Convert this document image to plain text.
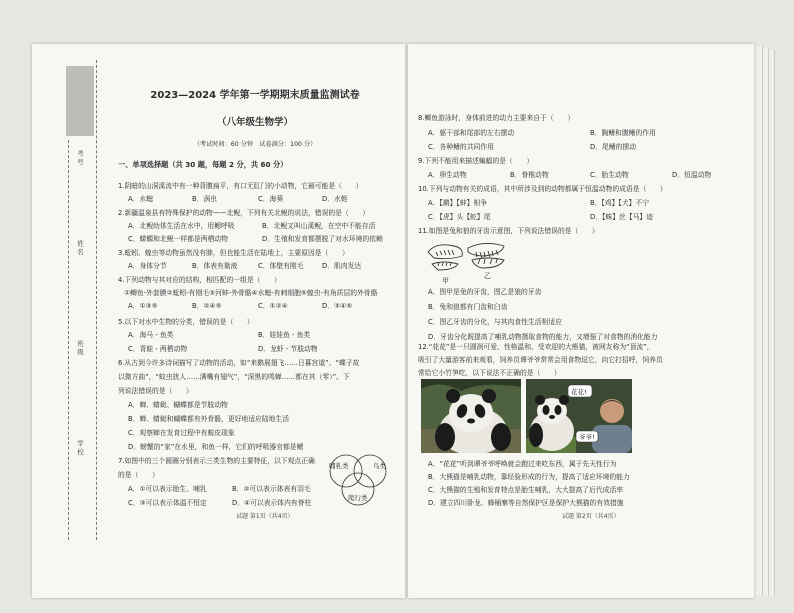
考号
姓名
班级
学校
2023—2024 学年第一学期期末质量监测试卷
（八年级生物学）
（考试时间：60 分钟　试卷满分：100 分）
一、单项选择题（共 30 题，每题 2 分，共 60 分）
1.阴暗的山洞溪流中有一种背腹扁平，有口无肛门的小动物，它最可能是（　　）
A．水螅	B．涡虫	C．海葵	D．水蛭
2.新疆温泉县有特殊保护的动物——北鲵，下列有关北鲵的说法，错误的是（　　）
A．北鲵幼体生活在水中，用鳃呼吸	B．北鲵又叫山溪鲵，在空中不能存活
C．蝾螈和北鲵一样都是两栖动物	D．生殖和发育都摆脱了对水环境的依赖
3.蚯蚓、蝗虫等动物虽然没有肺，但也能生活在陆地上，主要原因是（　　）
A．身体分节	B．体表有黏液	C．体壁有刚毛	D．肌肉发达
4.下列动物与其对应的结构，相匹配的一组是（　　）
①鲫鱼-外套膜②蚯蚓-有刚毛③河蚌-外骨骼④水螅-有刺细胞⑤蝗虫-有角质层的外骨骼
A．①③⑤	B．②④⑤	C．①②④	D．③④⑤
5.以下对水中生物的分类，错误的是（　　）
A．海马 - 鱼类	B．娃娃鱼 - 鱼类
C．青蛙 - 两栖动物	D．龙虾 - 节肢动物
6.从古到今许多诗词描写了动物的活动，如“来鹅展翅飞……日暮宫道”、“蝶子故
以微方曲”，“蚊虫扰人……满嘴有翅气”，“深黑的鸣蝉……都在其（零）”。下
列说法错误的是（　　）
A．蝉、蜻蜓、蝴蝶都是节肢动物
B．蝉、蜻蜓和蝴蝶都有外骨骼，更好地适应陆地生活
C．观察蝉在发育过程中有蜕皮现象
D．螃蟹的“家”在水里，和鱼一样，它们的呼吸器官都是鳃
7.如图中的三个圆圈分别表示三类生物的主要特征，以下观点正确
的是（　　）
A．①可以表示胎生、哺乳	B．②可以表示体表有羽毛
C．③可以表示体温不恒定	D．④可以表示体内有脊柱
哺乳类	鸟类
爬行类
试题 第1页（共4页）
8.鲫鱼游泳时，身体前进的动力主要来自于（　　）
A．躯干部和尾部的左右摆动	B．胸鳍和腹鳍的作用
C．各种鳍的共同作用	D．尾鳍的摆动
9.下列不能用来描述蝙蝠的是（　　）
A．卵生动物	B．脊椎动物	C．胎生动物	D．恒温动物
10.下列与动物有关的成语，其中所涉及到的动物都属于恒温动物的成语是（　　）
A．【鹬】【蚌】相争	B．【鸡】【犬】不宁
C．【虎】头【蛇】尾	D．【蛛】丝【马】迹
11.如图是兔和狼的牙齿示意图，下列说法错误的是（　　）
甲
乙
A．图甲是兔的牙齿，图乙是狼的牙齿
B．兔和狼都有门齿和臼齿
C．图乙牙齿的分化，与其肉食性生活相适应
D．牙齿分化既提高了哺乳动物摄取食物的能力，又增强了对食物的消化能力
12.“花花”是一只圆润可爱、性格温和、受欢迎的大熊猫，被网友称为“顶流”，
吸引了大量游客前来观看，饲养员谭爷爷常常会用食物逗它，向它打招呼，饲养员
常给它小竹笋吃，以下说法不正确的是（　　）
花花!
爷爷!
A．“花花”听到谭爷爷呼唤就会跑过来吃东西，属于先天性行为
B．大熊猫是哺乳动物，靠经验形成的行为，提高了适应环境的能力
C．大熊猫的生殖和发育特点是胎生哺乳，大大提高了后代成活率
D．建立四川卧龙、蜂桶寨等自然保护区是保护大熊猫的有效措施
试题 第2页（共4页）
